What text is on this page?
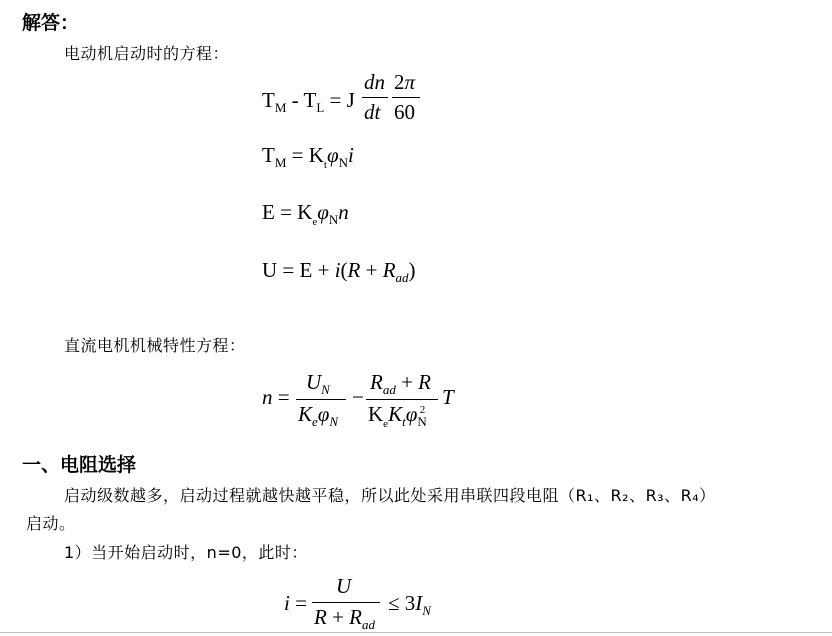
解答：
电动机启动时的方程：
$T_M - T_L = J$
dn
dt
2π
60
$T_M = K_t\varphi_Ni$
$E = K_e\varphi_Nn$
$U = E + i(R + R_{ad})$
直流电机机械特性方程：
n =
$U_N$
$K_e\varphi_N$
−
$R_{ad} + R$
$K_eK_t\varphi_N^2$
T
一、电阻选择
启动级数越多，启动过程就越快越平稳，所以此处采用串联四段电阻（R₁、R₂、R₃、R₄）
启动。
1）当开始启动时，n=0，此时：
i =
U
$R + R_{ad}$
≤ $3I_N$
